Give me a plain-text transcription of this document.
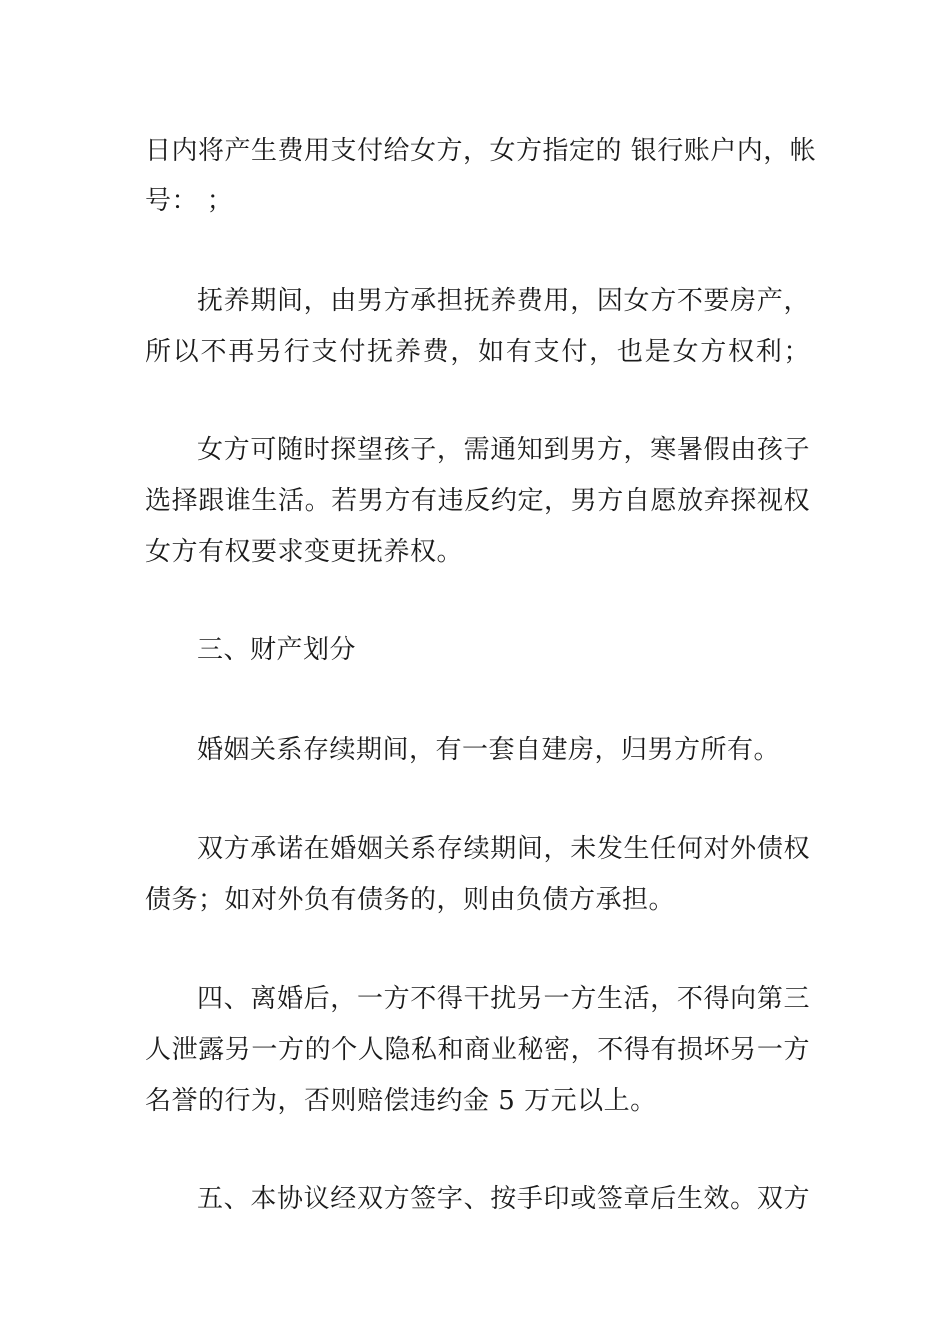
日内将产生费用支付给女方，女方指定的 银行账户内，帐
号： ；
抚养期间，由男方承担抚养费用，因女方不要房产，
所以不再另行支付抚养费，如有支付，也是女方权利；
女方可随时探望孩子，需通知到男方，寒暑假由孩子
选择跟谁生活。若男方有违反约定，男方自愿放弃探视权
女方有权要求变更抚养权。
三、财产划分
婚姻关系存续期间，有一套自建房，归男方所有。
双方承诺在婚姻关系存续期间，未发生任何对外债权
债务；如对外负有债务的，则由负债方承担。
四、离婚后，一方不得干扰另一方生活，不得向第三
人泄露另一方的个人隐私和商业秘密，不得有损坏另一方
名誉的行为，否则赔偿违约金 5 万元以上。
五、本协议经双方签字、按手印或签章后生效。双方
